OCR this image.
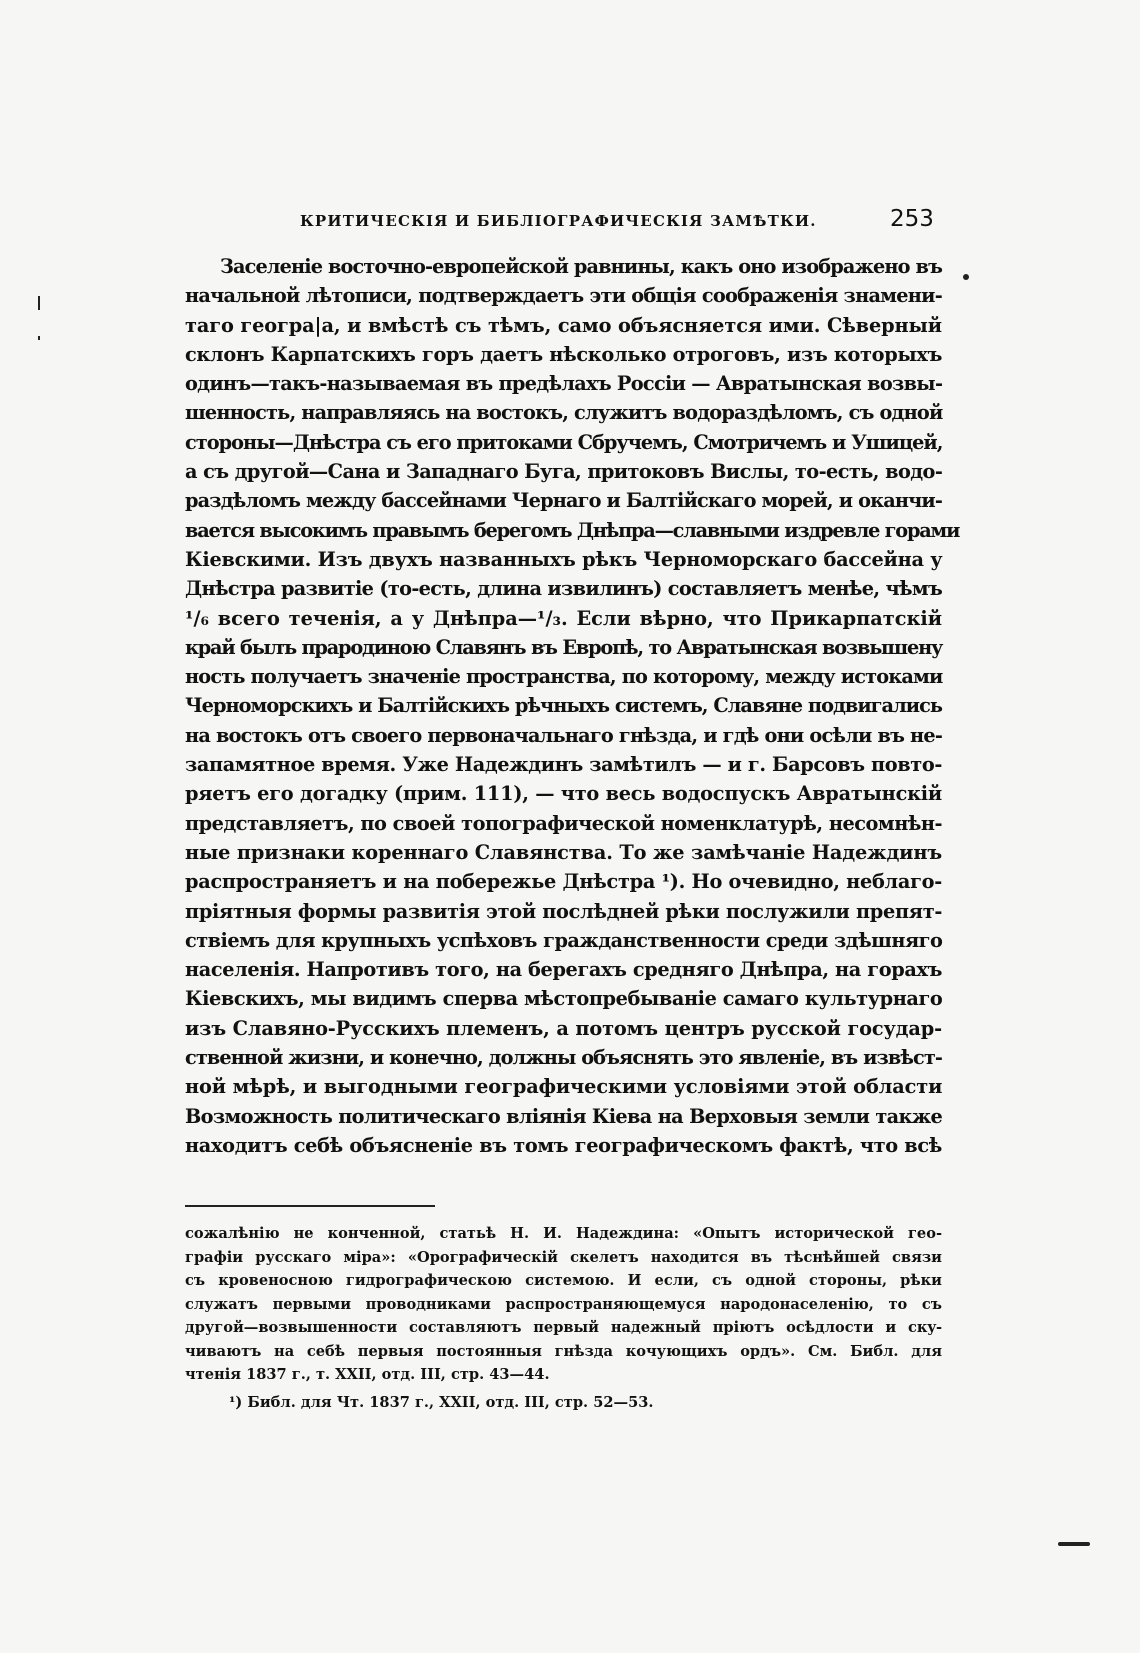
КРИТИЧЕСКІЯ И БИБЛІОГРАФИЧЕСКІЯ ЗАМѢТКИ.	253
Заселеніе восточно-европейской равнины, какъ оно изображено въ
начальной лѣтописи, подтверждаетъ эти общія соображенія знамени-
таго геогра|а, и вмѣстѣ съ тѣмъ, само объясняется ими. Сѣверный
склонъ Карпатскихъ горъ даетъ нѣсколько отроговъ, изъ которыхъ
одинъ—такъ-называемая въ предѣлахъ Россіи — Авратынская возвы-
шенность, направляясь на востокъ, служитъ водораздѣломъ, съ одной
стороны—Днѣстра съ его притоками Сбручемъ, Смотричемъ и Ушицей,
а съ другой—Сана и Западнаго Буга, притоковъ Вислы, то-есть, водо-
раздѣломъ между бассейнами Чернаго и Балтійскаго морей, и оканчи-
вается высокимъ правымъ берегомъ Днѣпра—славными издревле горами
Кіевскими. Изъ двухъ названныхъ рѣкъ Черноморскаго бассейна у
Днѣстра развитіе (то-есть, длина извилинъ) составляетъ менѣе, чѣмъ
¹/₆ всего теченія, а у Днѣпра—¹/₃. Если вѣрно, что Прикарпатскій
край былъ прародиною Славянъ въ Европѣ, то Авратынская возвышену
ность получаетъ значеніе пространства, по которому, между истоками
Черноморскихъ и Балтійскихъ рѣчныхъ системъ, Славяне подвигались
на востокъ отъ своего первоначальнаго гнѣзда, и гдѣ они осѣли въ не-
запамятное время. Уже Надеждинъ замѣтилъ — и г. Барсовъ повто-
ряетъ его догадку (прим. 111), — что весь водоспускъ Авратынскій
представляетъ, по своей топографической номенклатурѣ, несомнѣн-
ные признаки кореннаго Славянства. То же замѣчаніе Надеждинъ
распространяетъ и на побережье Днѣстра ¹). Но очевидно, неблаго-
пріятныя формы развитія этой послѣдней рѣки послужили препят-
ствіемъ для крупныхъ успѣховъ гражданственности среди здѣшняго
населенія. Напротивъ того, на берегахъ средняго Днѣпра, на горахъ
Кіевскихъ, мы видимъ сперва мѣстопребываніе самаго культурнаго
изъ Славяно-Русскихъ племенъ, а потомъ центръ русской государ-
ственной жизни, и конечно, должны объяснять это явленіе, въ извѣст-
ной мѣрѣ, и выгодными географическими условіями этой области
Возможность политическаго вліянія Кіева на Верховыя земли также
находитъ себѣ объясненіе въ томъ географическомъ фактѣ, что всѣ
сожалѣнію не конченной, статьѣ Н. И. Надеждина: «Опытъ исторической гео-
графіи русскаго міра»: «Орографическій скелетъ находится въ тѣснѣйшей связи
съ кровеносною гидрографическою системою. И если, съ одной стороны, рѣки
служатъ первыми проводниками распространяющемуся народонаселенію, то съ
другой—возвышенности составляютъ первый надежный пріютъ осѣдлости и скy-
чиваютъ на себѣ первыя постоянныя гнѣзда кочующихъ ордъ». См. Библ. для
чтенія 1837 г., т. XXII, отд. III, стр. 43—44.
¹) Библ. для Чт. 1837 г., XXII, отд. III, стр. 52—53.
